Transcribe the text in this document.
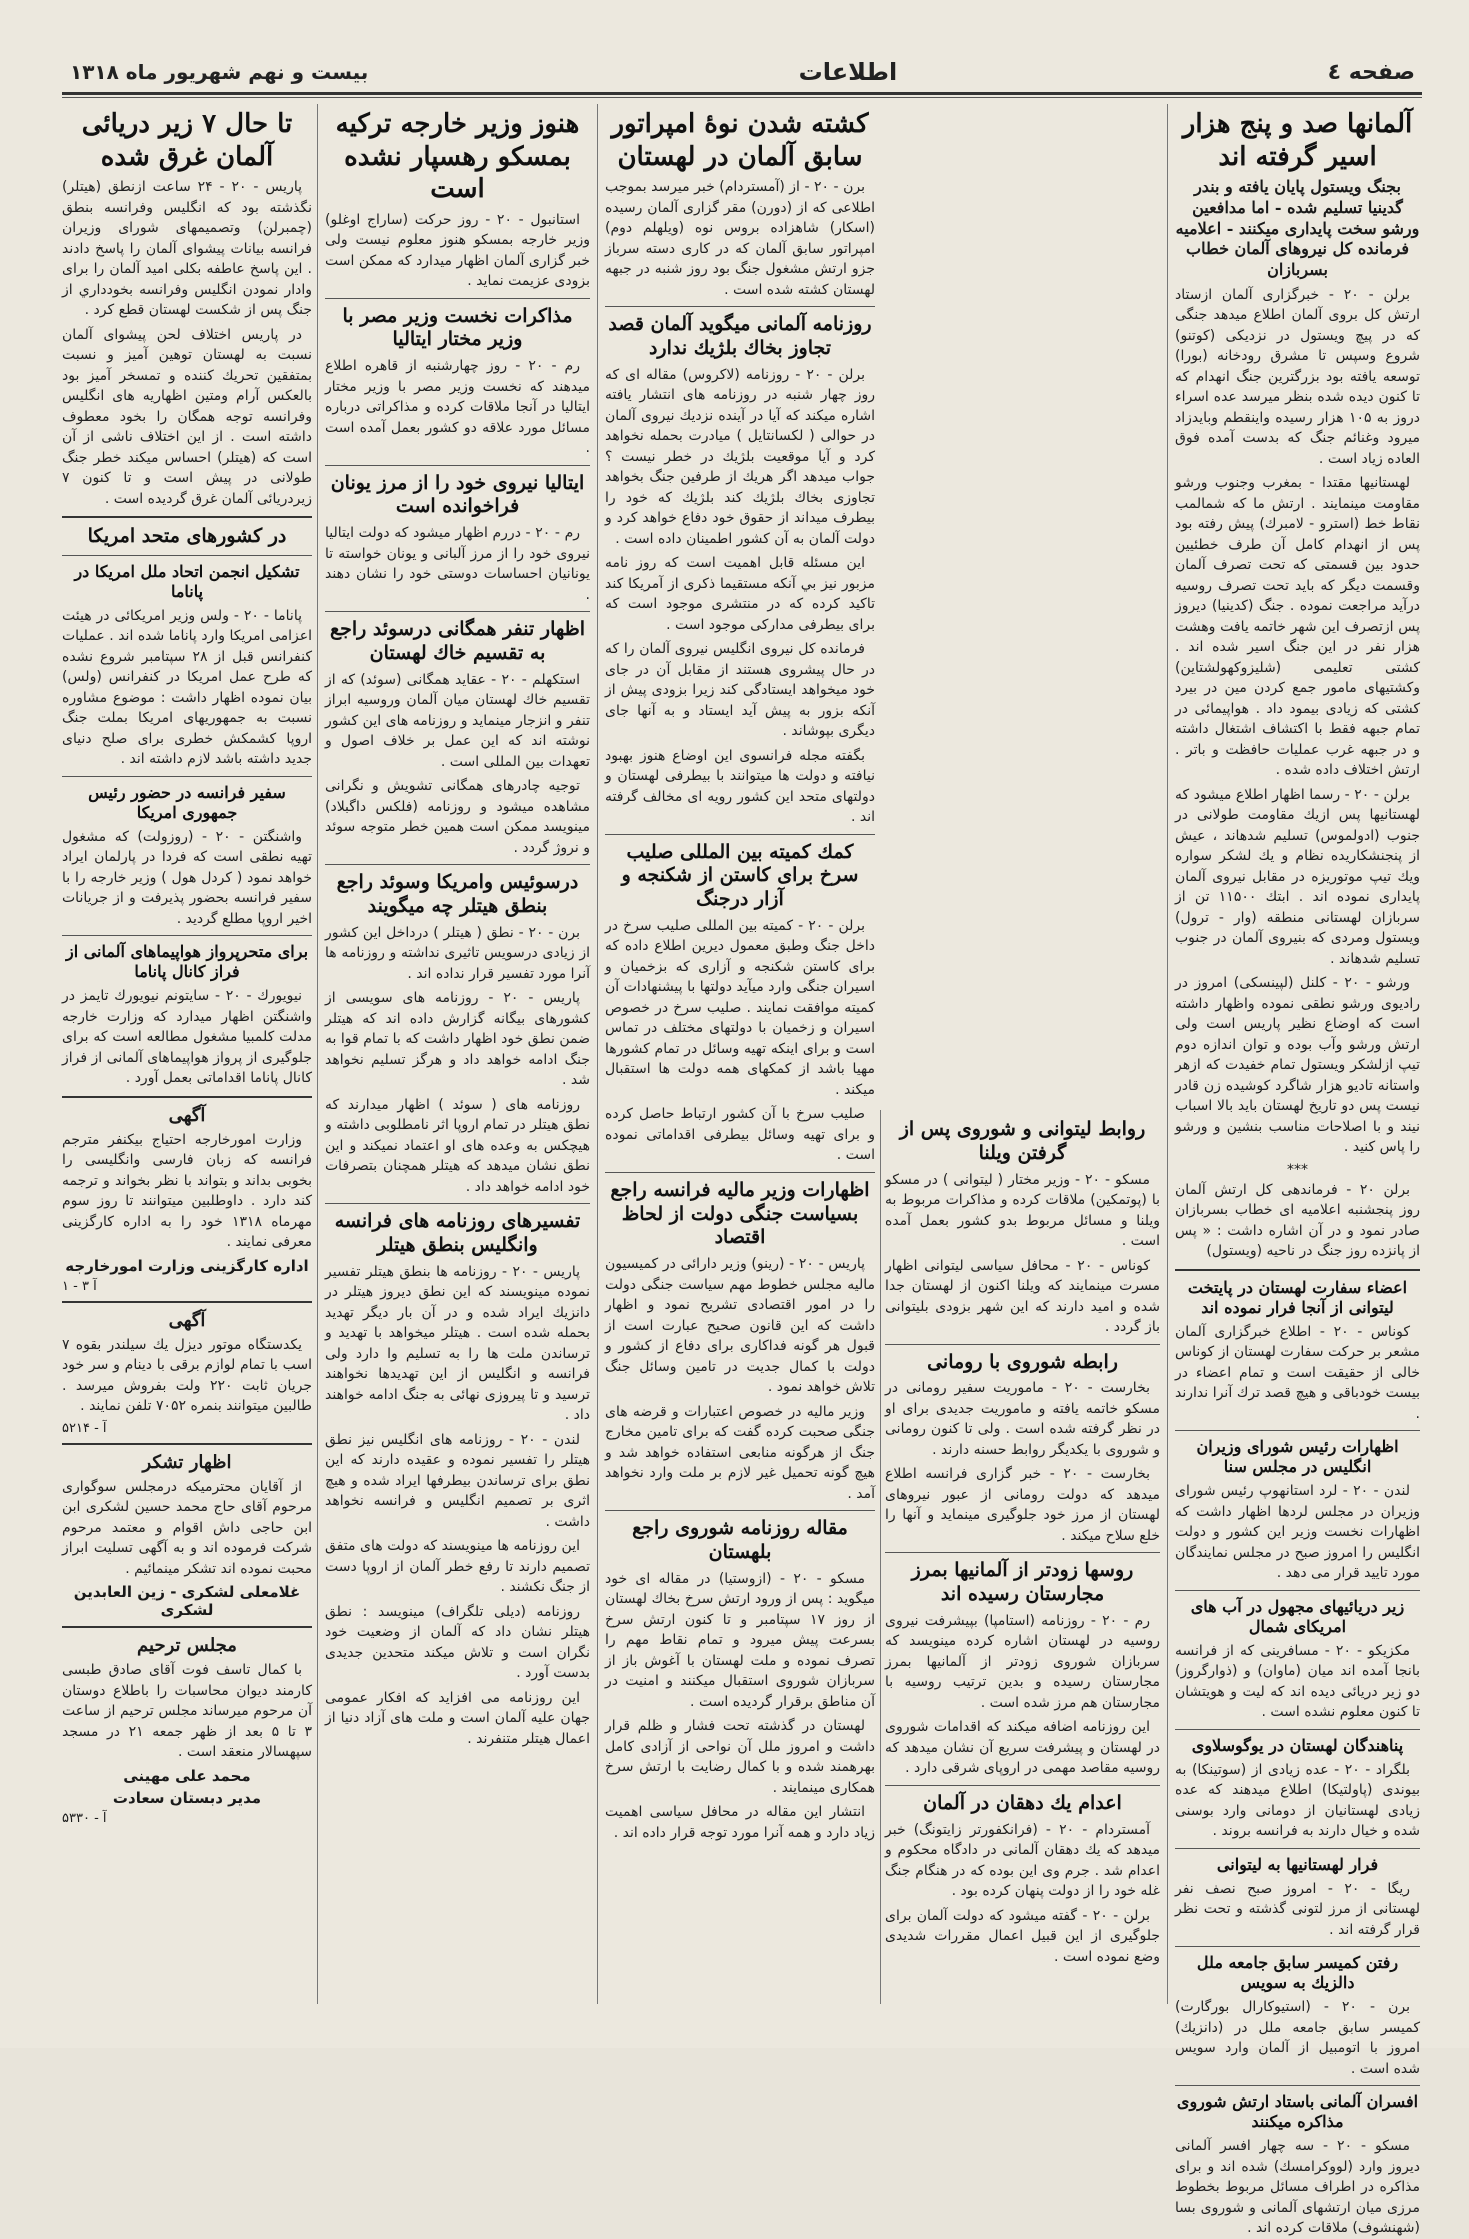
صفحه ٤
اطلاعات
بیست و نهم شهریور ماه ۱۳۱۸
آلمانها صد و پنج هزار اسیر گرفته اند
بجنگ ويستول پايان يافته و بندر گدينيا تسليم شده - اما مدافعين ورشو سخت پايدارى ميكنند - اعلاميه فرمانده كل نيروهاى آلمان خطاب بسربازان

برلن - ۲۰ - خبرگزارى آلمان ازستاد ارتش كل بروى آلمان اطلاع ميدهد جنگى كه در پيچ ويستول در نزديكى (كوتنو) شروع وسپس تا مشرق رودخانه (بورا) توسعه يافته بود بزرگترين جنگ انهدام كه تا كنون ديده شده بنظر ميرسد عده اسراء دروز به ۱۰۵ هزار رسيده واينقطم وبايدزاد ميرود وغنائم جنگ كه بدست آمده فوق العاده زياد است .

لهستانيها مقتدا - بمغرب وجنوب ورشو مقاومت مينمايند . ارتش ما كه شمالمب نقاط خط (استرو - لامبرك) پيش رفته بود پس از انهدام كامل آن طرف خطئيين حدود بين قسمتى كه تحت تصرف آلمان وقسمت ديگر كه بايد تحت تصرف روسيه درآيد مراجعت نموده . جنگ (كدينيا) ديروز پس ازتصرف اين شهر خاتمه يافت وهشت هزار نفر در اين جنگ اسير شده اند . كشتى تعليمى (شليزوكهولشتاين) وكشتيهاى مامور جمع كردن مين در بيرد كشتى كه زيادى بيمود داد . هواپيمائى در تمام جبهه فقط با اكتشاف اشتغال داشته و در جبهه غرب عمليات حافظت و باتر . ارتش اختلاف داده شده .

برلن - ۲۰ - رسما اظهار اطلاع ميشود كه لهستانيها پس ازيك مقاومت طولانى در جنوب (ادولموس) تسليم شدهاند ، عيش از پنجنشكاريده نظام و يك لشكر سواره ويك تيپ موتوريزه در مقابل نيروى آلمان پايدارى نموده اند . ابتك ۱۱۵۰۰ تن از سربازان لهستانى منطقه (وار - ترول) ويستول ومردى كه بنيروى آلمان در جنوب تسليم شدهاند .

ورشو - ۲۰ - كلنل (لپينسكى) امروز در راديوى ورشو نطقى نموده واظهار داشته است كه اوضاع نظير پاريس است ولى ارتش ورشو وآب بوده و توان اندازه دوم تيپ ازلشكر ويستول تمام خفيدت كه ازهر واستانه تاديو هزار شاگرد كوشيده زن قادر نيست پس دو تاريخ لهستان بايد بالا اسباب نيند و با اصلاحات مناسب بنشين و ورشو را پاس كنيد .

***

برلن ۲۰ - فرماندهى كل ارتش آلمان روز پنجشنبه اعلاميه اى خطاب بسربازان صادر نمود و در آن اشاره داشت : « پس از پانزده روز جنگ در ناحيه (ويستول)

اعضاء سفارت لهستان در پايتخت ليتوانى از آنجا فرار نموده اند

كوناس - ۲۰ - اطلاع خبرگزارى آلمان مشعر بر حركت سفارت لهستان از كوناس خالى از حقيقت است و تمام اعضاء در بيست خودباقى و هيچ قصد ترك آنرا ندارند .

اظهارات رئيس شوراى وزيران انگليس در مجلس سنا

لندن - ۲۰ - لرد استانهوپ رئيس شوراى وزيران در مجلس لردها اظهار داشت كه اظهارات نخست وزير اين كشور و دولت انگليس را امروز صبح در مجلس نمايندگان مورد تاييد قرار مى دهد .

زير دريائيهاى مجهول در آب هاى امريكاى شمال

مكزيكو - ۲۰ - مسافرينى كه از فرانسه بانجا آمده اند ميان (ماوان) و (ذوارگروز) دو زير دريائى ديده اند كه ليت و هويتشان تا كنون معلوم نشده است .

پناهندگان لهستان در يوگوسلاوى

بلگراد - ۲۰ - عده زيادى از (سوتينكا) به بيوندى (پاولتيكا) اطلاع ميدهند كه عده زيادى لهستانيان از دومانى وارد بوسنى شده و خيال دارند به فرانسه بروند .

فرار لهستانيها به ليتوانى

ريگا - ۲۰ - امروز صبح نصف نفر لهستانى از مرز لتونى گذشته و تحت نظر قرار گرفته اند .

رفتن كميسر سابق جامعه ملل دالزيك به سويس

برن - ۲۰ - (استيوكارال بورگارت) كميسر سابق جامعه ملل در (دانزيك) امروز با اتومبيل از آلمان وارد سويس شده است .

افسران آلمانى باستاد ارتش شوروى مذاكره ميكنند

مسكو - ۲۰ - سه چهار افسر آلمانى ديروز وارد (لووكرامسك) شده اند و براى مذاكره در اطراف مسائل مربوط بخطوط مرزى ميان ارتشهاى آلمانى و شوروى بسا (شهنشوف) ملاقات كرده اند .

كشته شدن نوهٔ امپراتور سابق آلمان در لهستان

برن - ۲۰ - از (آمستردام) خبر ميرسد بموجب اطلاعى كه از (دورن) مقر گزارى آلمان رسيده (اسكار) شاهزاده بروس نوه (ويلهلم دوم) امپراتور سابق آلمان كه در كارى دسته سرباز جزو ارتش مشغول جنگ بود روز شنبه در جبهه لهستان كشته شده است .

روزنامه آلمانى ميگويد آلمان قصد تجاوز بخاك بلژيك ندارد

برلن - ۲۰ - روزنامه (لاكروس) مقاله اى كه روز چهار شنبه در روزنامه هاى انتشار يافته اشاره ميكند كه آيا در آينده نزديك نيروى آلمان در حوالى ( لكسانتايل ) ميادرت بحمله نخواهد كرد و آيا موقعيت بلژيك در خطر نيست ؟ جواب ميدهد اگر هريك از طرفين جنگ بخواهد تجاوزى بخاك بلژيك كند بلژيك كه خود را بيطرف ميداند از حقوق خود دفاع خواهد كرد و دولت آلمان به آن كشور اطمينان داده است .

اين مسئله قابل اهميت است كه روز نامه مزبور نيز بي آنكه مستقيما ذكرى از آمريكا كند تاكيد كرده كه در منتشرى موجود است كه براى بيطرفى مداركى موجود است .

فرمانده كل نيروى انگليس نيروى آلمان را كه در حال پيشروى هستند از مقابل آن در جاى خود ميخواهد ايستادگى كند زيرا بزودى پيش از آنكه بزور به پيش آيد ايستاد و به آنها جاى ديگرى بپوشاند .

بگفته مجله فرانسوى اين اوضاع هنوز بهبود نيافته و دولت ها ميتوانند با بيطرفى لهستان و دولتهاى متحد اين كشور رويه اى مخالف گرفته اند .

كمك كميته بين المللى صليب سرخ براى كاستن از شكنجه و آزار درجنگ

برلن - ۲۰ - كميته بين المللى صليب سرخ در داخل جنگ وطبق معمول ديرين اطلاع داده كه براى كاستن شكنجه و آزارى كه بزخميان و اسيران جنگى وارد ميآيد دولتها با پيشنهادات آن كميته موافقت نمايند . صليب سرخ در خصوص اسيران و زخميان با دولتهاى مختلف در تماس است و براى اينكه تهيه وسائل در تمام كشورها مهيا باشد از كمكهاى همه دولت ها استقبال ميكند .

صليب سرخ با آن كشور ارتباط حاصل كرده و براى تهيه وسائل بيطرفى اقداماتى نموده است .

اظهارات وزير ماليه فرانسه راجع بسياست جنگى دولت از لحاظ اقتصاد

پاريس - ۲۰ - (رينو) وزير دارائى در كميسيون ماليه مجلس خطوط مهم سياست جنگى دولت را در امور اقتصادى تشريح نمود و اظهار داشت كه اين قانون صحيح عبارت است از قبول هر گونه فداكارى براى دفاع از كشور و دولت با كمال جديت در تامين وسائل جنگ تلاش خواهد نمود .

وزير ماليه در خصوص اعتبارات و قرضه هاى جنگى صحبت كرده گفت كه براى تامين مخارج جنگ از هرگونه منابعى استفاده خواهد شد و هيچ گونه تحميل غير لازم بر ملت وارد نخواهد آمد .

مقاله روزنامه شوروى راجع بلهستان

مسكو - ۲۰ - (ازوستيا) در مقاله اى خود ميگويد : پس از ورود ارتش سرخ بخاك لهستان از روز ۱۷ سپتامبر و تا كنون ارتش سرخ بسرعت پيش ميرود و تمام نقاط مهم را تصرف نموده و ملت لهستان با آغوش باز از سربازان شوروى استقبال ميكنند و امنيت در آن مناطق برقرار گرديده است .

لهستان در گذشته تحت فشار و ظلم قرار داشت و امروز ملل آن نواحى از آزادى كامل بهرهمند شده و با كمال رضايت با ارتش سرخ همكارى مينمايند .

انتشار اين مقاله در محافل سياسى اهميت زياد دارد و همه آنرا مورد توجه قرار داده اند .

روابط ليتوانى و شوروى پس از گرفتن ويلنا

مسكو - ۲۰ - وزير مختار ( ليتوانى ) در مسكو با (پوتمكين) ملاقات كرده و مذاكرات مربوط به ويلنا و مسائل مربوط بدو كشور بعمل آمده است .

كوناس - ۲۰ - محافل سياسى ليتوانى اظهار مسرت مينمايند كه ويلنا اكنون از لهستان جدا شده و اميد دارند كه اين شهر بزودى بليتوانى باز گردد .

رابطه شوروى با رومانى

بخارست - ۲۰ - ماموريت سفير رومانى در مسكو خاتمه يافته و ماموريت جديدى براى او در نظر گرفته شده است . ولى تا كنون رومانى و شوروى با يكديگر روابط حسنه دارند .

بخارست - ۲۰ - خبر گزارى فرانسه اطلاع ميدهد كه دولت رومانى از عبور نيروهاى لهستان از مرز خود جلوگيرى مينمايد و آنها را خلع سلاح ميكند .

روسها زودتر از آلمانيها بمرز مجارستان رسيده اند

رم - ۲۰ - روزنامه (استامپا) بپيشرفت نيروى روسيه در لهستان اشاره كرده مينويسد كه سربازان شوروى زودتر از آلمانيها بمرز مجارستان رسيده و بدين ترتيب روسيه با مجارستان هم مرز شده است .

اين روزنامه اضافه ميكند كه اقدامات شوروى در لهستان و پيشرفت سريع آن نشان ميدهد كه روسيه مقاصد مهمى در اروپاى شرقى دارد .

اعدام يك دهقان در آلمان

آمستردام - ۲۰ - (فرانكفورتر زايتونگ) خبر ميدهد كه يك دهقان آلمانى در دادگاه محكوم و اعدام شد . جرم وى اين بوده كه در هنگام جنگ غله خود را از دولت پنهان كرده بود .

برلن - ۲۰ - گفته ميشود كه دولت آلمان براى جلوگيرى از اين قبيل اعمال مقررات شديدى وضع نموده است .

هنوز وزير خارجه تركيه بمسكو رهسپار نشده است

استانبول - ۲۰ - روز حركت (ساراج اوغلو) وزير خارجه بمسكو هنوز معلوم نيست ولى خبر گزارى آلمان اظهار ميدارد كه ممكن است بزودى عزيمت نمايد .

مذاكرات نخست وزير مصر با وزير مختار ايتاليا

رم - ۲۰ - روز چهارشنبه از قاهره اطلاع ميدهند كه نخست وزير مصر با وزير مختار ايتاليا در آنجا ملاقات كرده و مذاكراتى درباره مسائل مورد علاقه دو كشور بعمل آمده است .

ايتاليا نيروى خود را از مرز يونان فراخوانده است

رم - ۲۰ - دررم اظهار ميشود كه دولت ايتاليا نيروى خود را از مرز آلبانى و يونان خواسته تا يونانيان احساسات دوستى خود را نشان دهند .

اظهار تنفر همگانى درسوئد راجع به تقسيم خاك لهستان

استكهلم - ۲۰ - عقايد همگانى (سوئد) كه از تقسيم خاك لهستان ميان آلمان وروسيه ابراز تنفر و انزجار مينمايد و روزنامه هاى اين كشور نوشته اند كه اين عمل بر خلاف اصول و تعهدات بين المللى است .

توجيه چادرهاى همگانى تشويش و نگرانى مشاهده ميشود و روزنامه (فلكس داگبلاد) مينويسد ممكن است همين خطر متوجه سوئد و نروژ گردد .

درسوئيس وامريكا وسوئد راجع بنطق هيتلر چه ميگويند

برن - ۲۰ - نطق ( هيتلر ) درداخل اين كشور از زيادى درسويس تاثيرى نداشته و روزنامه ها آنرا مورد تفسير قرار نداده اند .

پاريس - ۲۰ - روزنامه هاى سويسى از كشورهاى بيگانه گزارش داده اند كه هيتلر ضمن نطق خود اظهار داشت كه با تمام قوا به جنگ ادامه خواهد داد و هرگز تسليم نخواهد شد .

روزنامه هاى ( سوئد ) اظهار ميدارند كه نطق هيتلر در تمام اروپا اثر نامطلوبى داشته و هيچكس به وعده هاى او اعتماد نميكند و اين نطق نشان ميدهد كه هيتلر همچنان بتصرفات خود ادامه خواهد داد .

تفسيرهاى روزنامه هاى فرانسه وانگليس بنطق هيتلر

پاريس - ۲۰ - روزنامه ها بنطق هيتلر تفسير نموده مينويسند كه اين نطق ديروز هيتلر در دانزيك ايراد شده و در آن بار ديگر تهديد بحمله شده است . هيتلر ميخواهد با تهديد و ترساندن ملت ها را به تسليم وا دارد ولى فرانسه و انگليس از اين تهديدها نخواهند ترسيد و تا پيروزى نهائى به جنگ ادامه خواهند داد .

لندن - ۲۰ - روزنامه هاى انگليس نيز نطق هيتلر را تفسير نموده و عقيده دارند كه اين نطق براى ترساندن بيطرفها ايراد شده و هيچ اثرى بر تصميم انگليس و فرانسه نخواهد داشت .

اين روزنامه ها مينويسند كه دولت هاى متفق تصميم دارند تا رفع خطر آلمان از اروپا دست از جنگ نكشند .

روزنامه (ديلى تلگراف) مينويسد : نطق هيتلر نشان داد كه آلمان از وضعيت خود نگران است و تلاش ميكند متحدين جديدى بدست آورد .

اين روزنامه مى افزايد كه افكار عمومى جهان عليه آلمان است و ملت هاى آزاد دنيا از اعمال هيتلر متنفرند .

تا حال ۷ زير دريائى آلمان غرق شده

پاريس - ۲۰ - ۲۴ ساعت ازنطق (هيتلر) نگذشته بود كه انگليس وفرانسه بنطق (چمبرلن) وتصميمهاى شوراى وزيران فرانسه بيانات پيشواى آلمان را پاسخ دادند . اين پاسخ عاطفه بكلى اميد آلمان را براى وادار نمودن انگليس وفرانسه بخودداري از جنگ پس از شكست لهستان قطع كرد .

در پاريس اختلاف لحن پيشواى آلمان نسبت به لهستان توهين آميز و نسبت بمتفقين تحريك كننده و تمسخر آميز بود بالعكس آرام ومتين اظهاريه هاى انگليس وفرانسه توجه همگان را بخود معطوف داشته است . از اين اختلاف ناشى از آن است كه (هيتلر) احساس ميكند خطر جنگ طولانى در پيش است و تا كنون ۷ زيردريائى آلمان غرق گرديده است .

در كشورهاى متحد امريكا
تشكيل انجمن اتحاد ملل امريكا در پاناما

پاناما - ۲۰ - ولس وزير امريكائى در هيئت اعزامى امريكا وارد پاناما شده اند . عمليات كنفرانس قبل از ۲۸ سپتامبر شروع نشده كه طرح عمل امريكا در كنفرانس (ولس) بيان نموده اظهار داشت : موضوع مشاوره نسبت به جمهوريهاى امريكا بملت جنگ اروپا كشمكش خطرى براى صلح دنياى جديد داشته باشد لازم داشته اند .

سفير فرانسه در حضور رئيس جمهورى امريكا

واشنگتن - ۲۰ - (روزولت) كه مشغول تهيه نطقى است كه فردا در پارلمان ايراد خواهد نمود ( كردل هول ) وزير خارجه را با سفير فرانسه بحضور پذيرفت و از جريانات اخير اروپا مطلع گرديد .

براى متحرپرواز هواپيماهاى آلمانى از فراز كانال پاناما

نيويورك - ۲۰ - سايتونم نيويورك تايمز در واشنگتن اظهار ميدارد كه وزارت خارجه مدلت كلمبيا مشغول مطالعه است كه براى جلوگيرى از پرواز هواپيماهاى آلمانى از فراز كانال پاناما اقداماتى بعمل آورد .

آگهى

وزارت امورخارجه احتياج بيكنفر مترجم فرانسه كه زبان فارسى وانگليسى را بخوبى بداند و بتواند با نظر بخواند و ترجمه كند دارد . داوطلبين ميتوانند تا روز سوم مهرماه ۱۳۱۸ خود را به اداره كارگزينى معرفى نمايند .

اداره كارگزينى وزارت امورخارجه
آ ۳ - ۱
آگهى

يكدستگاه موتور ديزل يك سيلندر بقوه ۷ اسب با تمام لوازم برقى با دينام و سر خود جريان ثابت ۲۲۰ ولت بفروش ميرسد . طالبين ميتوانند بنمره ۷۰۵۲ تلفن نمايند .

آ - ۵۲۱۴
اظهار تشكر

از آقايان محترميكه درمجلس سوگوارى مرحوم آقاى حاج محمد حسين لشكرى ابن ابن حاجى داش اقوام و معتمد مرحوم شركت فرموده اند و به آگهى تسليت ابراز محبت نموده اند تشكر مينمائيم .

غلامعلى لشكرى - زين العابدين لشكرى
مجلس ترحيم

با كمال تاسف فوت آقاى صادق طبسى كارمند ديوان محاسبات را باطلاع دوستان آن مرحوم ميرساند مجلس ترحيم از ساعت ۳ تا ۵ بعد از ظهر جمعه ۲۱ در مسجد سپهسالار منعقد است .

محمد على مهينى
مدير دبستان سعادت
آ - ۵۳۳۰
